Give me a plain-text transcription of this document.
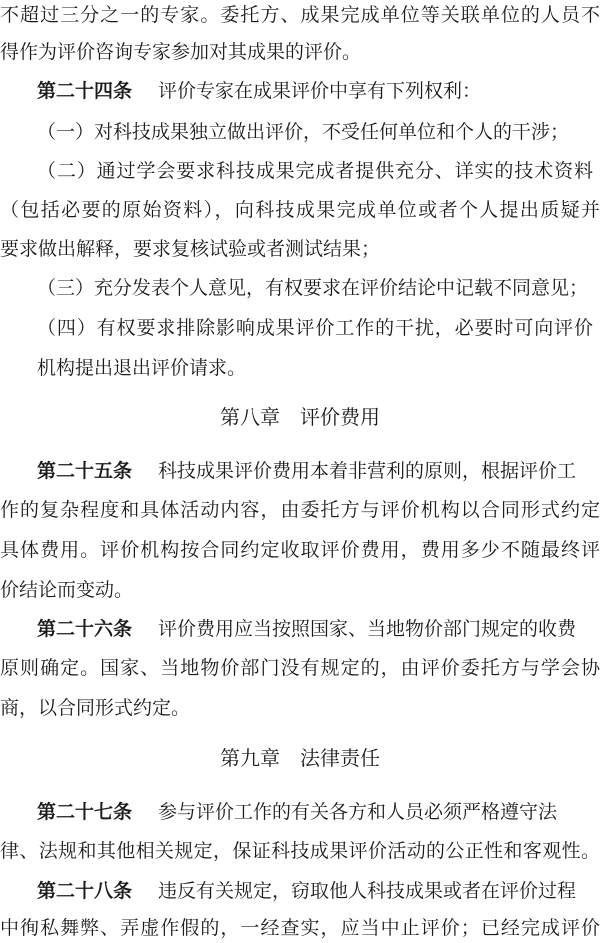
不超过三分之一的专家。委托方、成果完成单位等关联单位的人员不
得作为评价咨询专家参加对其成果的评价。
第二十四条 评价专家在成果评价中享有下列权利：
（一）对科技成果独立做出评价，不受任何单位和个人的干涉；
（二）通过学会要求科技成果完成者提供充分、详实的技术资料
（包括必要的原始资料），向科技成果完成单位或者个人提出质疑并
要求做出解释，要求复核试验或者测试结果；
（三）充分发表个人意见，有权要求在评价结论中记载不同意见；
（四）有权要求排除影响成果评价工作的干扰，必要时可向评价
机构提出退出评价请求。
第八章　评价费用
第二十五条 科技成果评价费用本着非营利的原则，根据评价工
作的复杂程度和具体活动内容，由委托方与评价机构以合同形式约定
具体费用。评价机构按合同约定收取评价费用，费用多少不随最终评
价结论而变动。
第二十六条 评价费用应当按照国家、当地物价部门规定的收费
原则确定。国家、当地物价部门没有规定的，由评价委托方与学会协
商，以合同形式约定。
第九章　法律责任
第二十七条 参与评价工作的有关各方和人员必须严格遵守法
律、法规和其他相关规定，保证科技成果评价活动的公正性和客观性。
第二十八条 违反有关规定，窃取他人科技成果或者在评价过程
中徇私舞弊、弄虚作假的，一经查实，应当中止评价；已经完成评价
